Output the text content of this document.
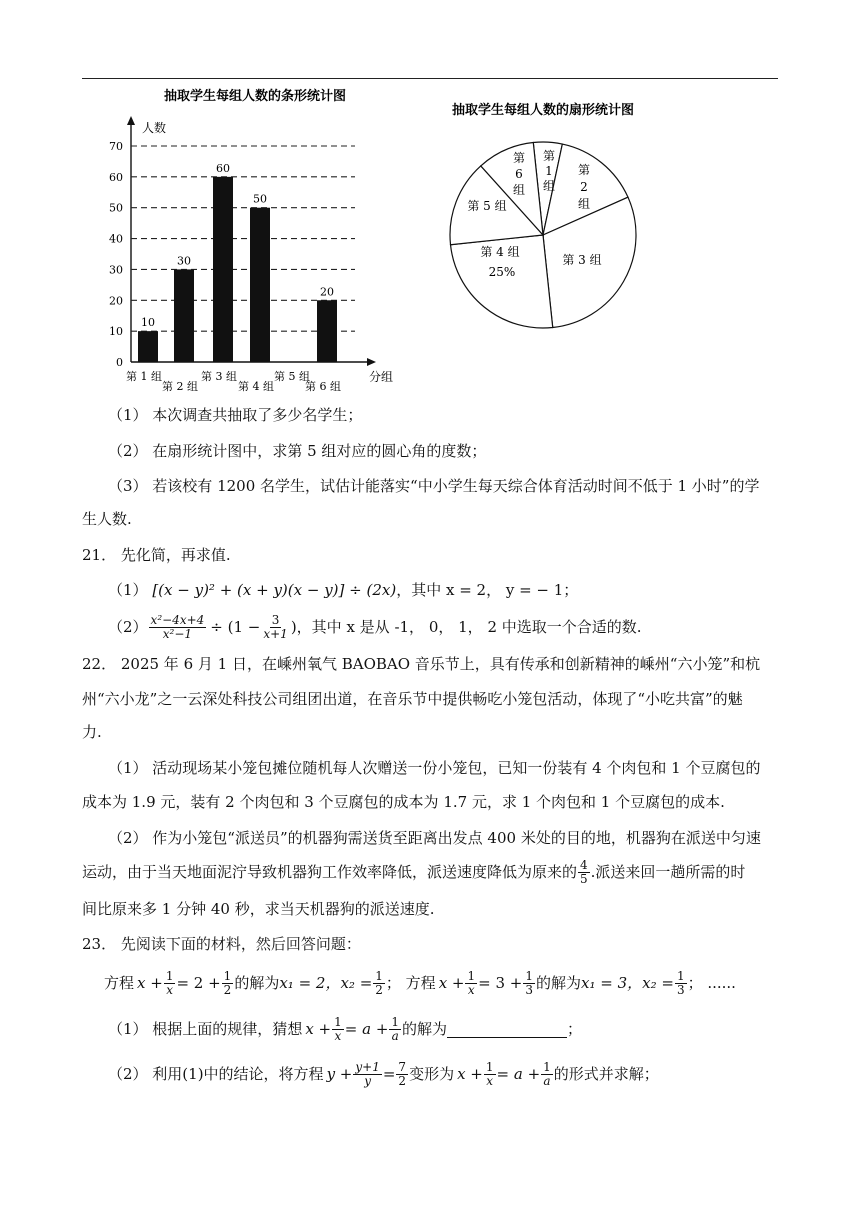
抽取学生每组人数的条形统计图
人数
分组
0
10
20
30
40
50
60
70
10
30
60
50
20
第 1 组
第 2 组
第 3 组
第 4 组
第 5 组
第 6 组
抽取学生每组人数的扇形统计图
第
1
组
第
2
组
第 3 组
第 4 组
25%
第 5 组
第
6
组
（1） 本次调查共抽取了多少名学生；
（2） 在扇形统计图中，求第 5 组对应的圆心角的度数；
（3） 若该校有 1200 名学生，试估计能落实“中小学生每天综合体育活动时间不低于 1 小时”的学
生人数.
21． 先化简，再求值.
（1） [(x − y)² + (x + y)(x − y)] ÷ (2x)，其中 x = 2， y = − 1；
$(2) \frac{\text{x²−4x+4}}{\text{x²−1}} \div (1 - \frac{3}{x+1}$ )，其中 x 是从 -1， 0， 1， 2 中选取一个合适的数.
22． 2025 年 6 月 1 日，在嵊州氧气 BAOBAO 音乐节上，具有传承和创新精神的嵊州“六小笼”和杭
州“六小龙”之一云深处科技公司组团出道，在音乐节中提供畅吃小笼包活动，体现了“小吃共富”的魅
力.
（1） 活动现场某小笼包摊位随机每人次赠送一份小笼包，已知一份装有 4 个肉包和 1 个豆腐包的
成本为 1.9 元，装有 2 个肉包和 3 个豆腐包的成本为 1.7 元，求 1 个肉包和 1 个豆腐包的成本.
（2） 作为小笼包“派送员”的机器狗需送货至距离出发点 400 米处的目的地，机器狗在派送中匀速
运动，由于当天地面泥泞导致机器狗工作效率降低，派送速度降低为原来的 $\frac{4}{5}$ .派送来回一趟所需的时
间比原来多 1 分钟 40 秒，求当天机器狗的派送速度.
23． 先阅读下面的材料，然后回答问题：
方程 $x + \frac{1}{x} = 2 + \frac{1}{2}$ 的解为 x₁ = 2，$x_2 = \frac{1}{2}$ ； 方程 $x + \frac{1}{x} = 3 + \frac{1}{3}$ 的解为 x₁ = 3，$x_2 = \frac{1}{3}$ ； ......
（1） 根据上面的规律，猜想 $x + \frac{1}{x} = a + \frac{1}{a}$ 的解为	；
（2） 利用(1)中的结论，将方程 $y + \frac{y+1}{y} = \frac{7}{2}$ 变形为 $x + \frac{1}{x} = a + \frac{1}{a}$ 的形式并求解；
